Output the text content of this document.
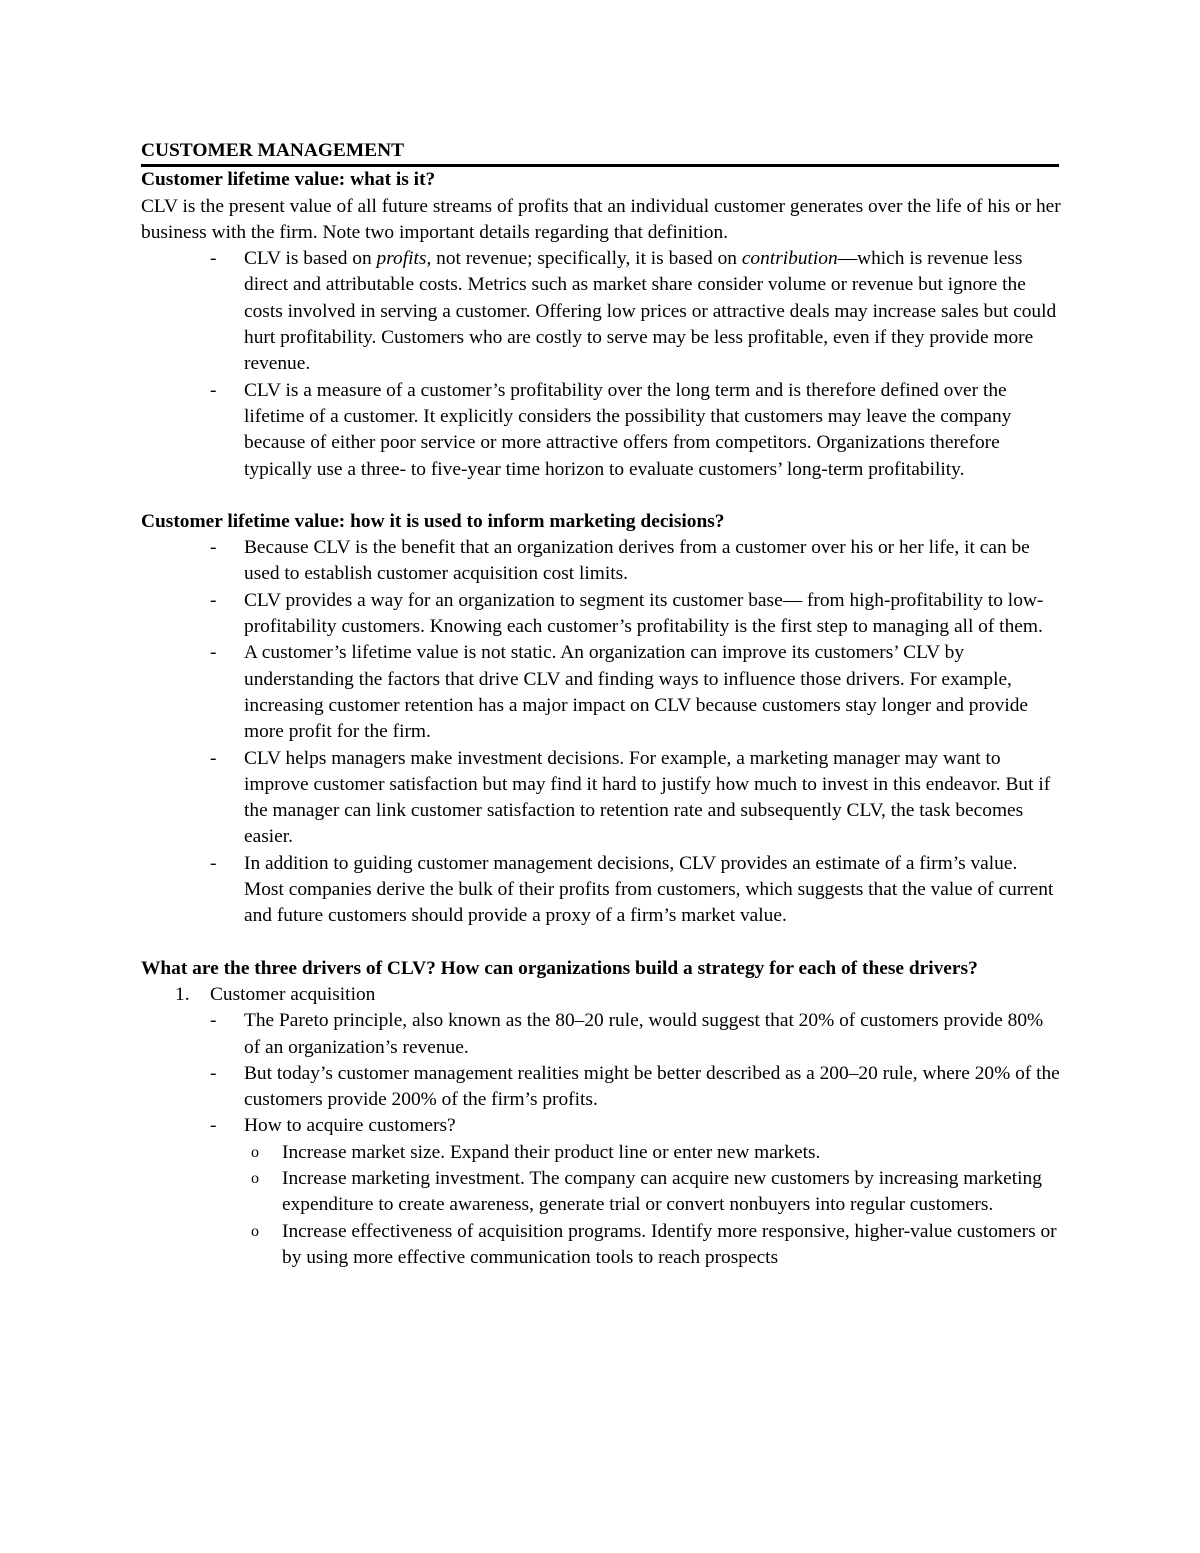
CUSTOMER MANAGEMENT

Customer lifetime value: what is it?

CLV is the present value of all future streams of profits that an individual customer generates over the life of his or her business with the firm. Note two important details regarding that definition.

- CLV is based on profits, not revenue; specifically, it is based on contribution—which is revenue less direct and attributable costs. Metrics such as market share consider volume or revenue but ignore the costs involved in serving a customer. Offering low prices or attractive deals may increase sales but could hurt profitability. Customers who are costly to serve may be less profitable, even if they provide more revenue.
- CLV is a measure of a customer’s profitability over the long term and is therefore defined over the lifetime of a customer. It explicitly considers the possibility that customers may leave the company because of either poor service or more attractive offers from competitors. Organizations therefore typically use a three- to five-year time horizon to evaluate customers’ long-term profitability.

Customer lifetime value: how it is used to inform marketing decisions?

- Because CLV is the benefit that an organization derives from a customer over his or her life, it can be used to establish customer acquisition cost limits.
- CLV provides a way for an organization to segment its customer base— from high-profitability to low-profitability customers. Knowing each customer’s profitability is the first step to managing all of them.
- A customer’s lifetime value is not static. An organization can improve its customers’ CLV by understanding the factors that drive CLV and finding ways to influence those drivers. For example, increasing customer retention has a major impact on CLV because customers stay longer and provide more profit for the firm.
- CLV helps managers make investment decisions. For example, a marketing manager may want to improve customer satisfaction but may find it hard to justify how much to invest in this endeavor. But if the manager can link customer satisfaction to retention rate and subsequently CLV, the task becomes easier.
- In addition to guiding customer management decisions, CLV provides an estimate of a firm’s value. Most companies derive the bulk of their profits from customers, which suggests that the value of current and future customers should provide a proxy of a firm’s market value.

What are the three drivers of CLV? How can organizations build a strategy for each of these drivers?

1. Customer acquisition
- The Pareto principle, also known as the 80–20 rule, would suggest that 20% of customers provide 80% of an organization’s revenue.
- But today’s customer management realities might be better described as a 200–20 rule, where 20% of the customers provide 200% of the firm’s profits.
- How to acquire customers?
o Increase market size. Expand their product line or enter new markets.
o Increase marketing investment. The company can acquire new customers by increasing marketing expenditure to create awareness, generate trial or convert nonbuyers into regular customers.
o Increase effectiveness of acquisition programs. Identify more responsive, higher-value customers or by using more effective communication tools to reach prospects
